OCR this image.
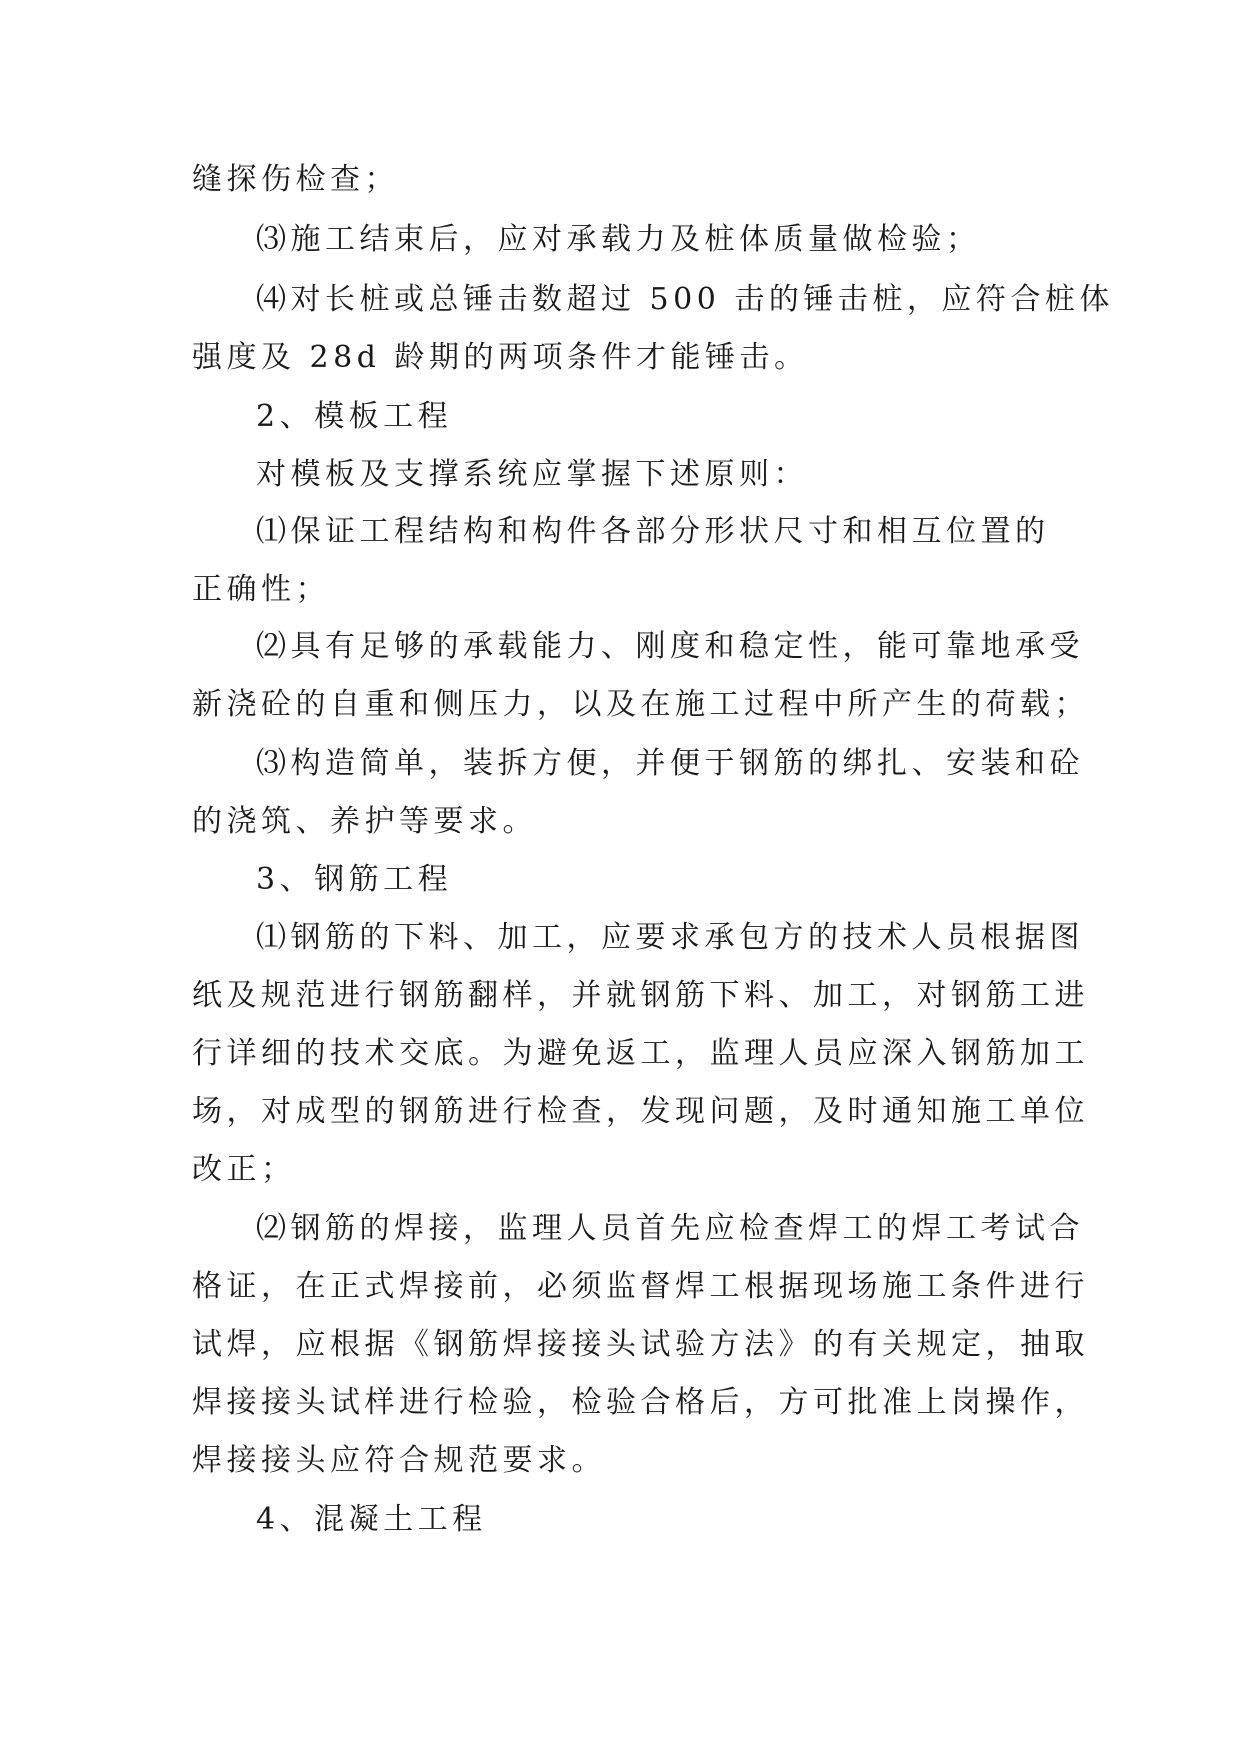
缝探伤检查；
⑶施工结束后，应对承载力及桩体质量做检验；
⑷对长桩或总锤击数超过 500 击的锤击桩，应符合桩体
强度及 28d 龄期的两项条件才能锤击。
2、模板工程
对模板及支撑系统应掌握下述原则：
⑴保证工程结构和构件各部分形状尺寸和相互位置的
正确性；
⑵具有足够的承载能力、刚度和稳定性，能可靠地承受
新浇砼的自重和侧压力，以及在施工过程中所产生的荷载；
⑶构造简单，装拆方便，并便于钢筋的绑扎、安装和砼
的浇筑、养护等要求。
3、钢筋工程
⑴钢筋的下料、加工，应要求承包方的技术人员根据图
纸及规范进行钢筋翻样，并就钢筋下料、加工，对钢筋工进
行详细的技术交底。为避免返工，监理人员应深入钢筋加工
场，对成型的钢筋进行检查，发现问题，及时通知施工单位
改正；
⑵钢筋的焊接，监理人员首先应检查焊工的焊工考试合
格证，在正式焊接前，必须监督焊工根据现场施工条件进行
试焊，应根据《钢筋焊接接头试验方法》的有关规定，抽取
焊接接头试样进行检验，检验合格后，方可批准上岗操作，
焊接接头应符合规范要求。
4、混凝土工程
